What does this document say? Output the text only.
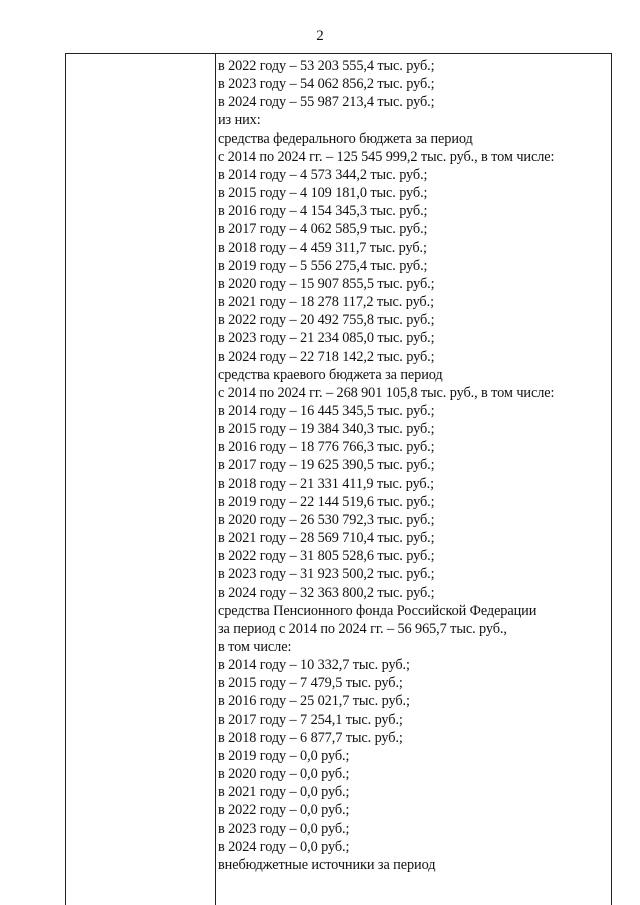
2
в 2022 году – 53 203 555,4 тыс. руб.;
в 2023 году – 54 062 856,2 тыс. руб.;
в 2024 году – 55 987 213,4 тыс. руб.;
из них:
средства федерального бюджета за период
с 2014 по 2024 гг. – 125 545 999,2 тыс. руб., в том числе:
в 2014 году – 4 573 344,2 тыс. руб.;
в 2015 году – 4 109 181,0 тыс. руб.;
в 2016 году – 4 154 345,3 тыс. руб.;
в 2017 году – 4 062 585,9 тыс. руб.;
в 2018 году – 4 459 311,7 тыс. руб.;
в 2019 году – 5 556 275,4 тыс. руб.;
в 2020 году – 15 907 855,5 тыс. руб.;
в 2021 году – 18 278 117,2 тыс. руб.;
в 2022 году – 20 492 755,8 тыс. руб.;
в 2023 году – 21 234 085,0 тыс. руб.;
в 2024 году – 22 718 142,2 тыс. руб.;
средства краевого бюджета за период
с 2014 по 2024 гг. – 268 901 105,8 тыс. руб., в том числе:
в 2014 году – 16 445 345,5 тыс. руб.;
в 2015 году – 19 384 340,3 тыс. руб.;
в 2016 году – 18 776 766,3 тыс. руб.;
в 2017 году – 19 625 390,5 тыс. руб.;
в 2018 году – 21 331 411,9 тыс. руб.;
в 2019 году – 22 144 519,6 тыс. руб.;
в 2020 году – 26 530 792,3 тыс. руб.;
в 2021 году – 28 569 710,4 тыс. руб.;
в 2022 году – 31 805 528,6 тыс. руб.;
в 2023 году – 31 923 500,2 тыс. руб.;
в 2024 году – 32 363 800,2 тыс. руб.;
средства Пенсионного фонда Российской Федерации
за период с 2014 по 2024 гг. – 56 965,7 тыс. руб.,
в том числе:
в 2014 году – 10 332,7 тыс. руб.;
в 2015 году – 7 479,5 тыс. руб.;
в 2016 году – 25 021,7 тыс. руб.;
в 2017 году – 7 254,1 тыс. руб.;
в 2018 году – 6 877,7 тыс. руб.;
в 2019 году – 0,0 руб.;
в 2020 году – 0,0 руб.;
в 2021 году – 0,0 руб.;
в 2022 году – 0,0 руб.;
в 2023 году – 0,0 руб.;
в 2024 году – 0,0 руб.;
внебюджетные источники за период
